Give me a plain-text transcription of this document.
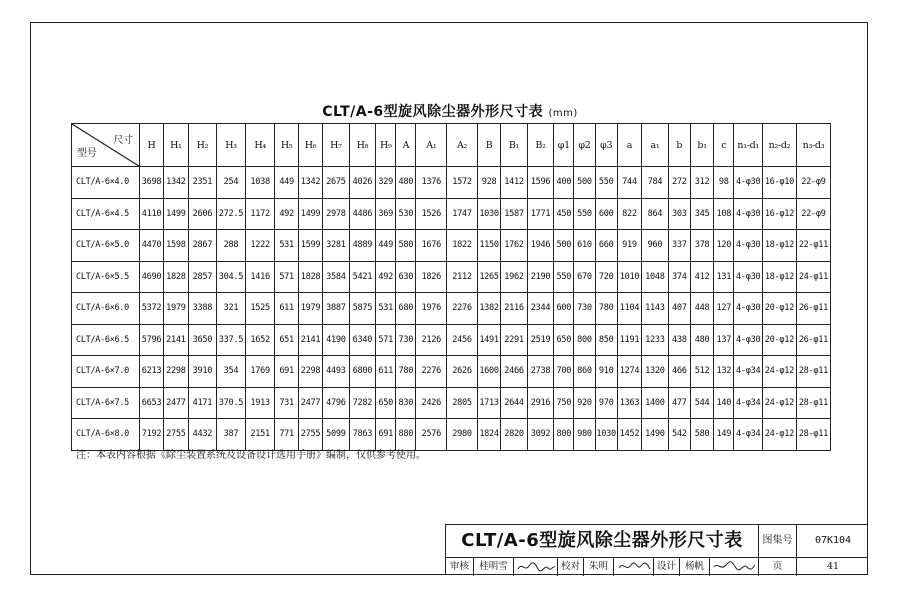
CLT/A-6型旋风除尘器外形尺寸表 (mm)
尺寸
型号	H	H₁	H₂	H₃	H₄	H₅	H₆	H₇	H₈	H₉	A	A₁	A₂	B	B₁	B₂	φ1	φ2	φ3	a	a₁	b	b₁	c	n₁-d₁	n₂-d₂	n₃-d₃
CLT/A-6×4.0	3698	1342	2351	254	1038	449	1342	2675	4026	329	480	1376	1572	928	1412	1596	400	500	550	744	784	272	312	98	4-φ30	16-φ10	22-φ9
CLT/A-6×4.5	4110	1499	2606	272.5	1172	492	1499	2978	4486	369	530	1526	1747	1030	1587	1771	450	550	600	822	864	303	345	108	4-φ30	16-φ12	22-φ9
CLT/A-6×5.0	4470	1598	2867	288	1222	531	1599	3281	4889	449	580	1676	1822	1150	1762	1946	500	610	660	919	960	337	378	120	4-φ30	18-φ12	22-φ11
CLT/A-6×5.5	4690	1828	2857	304.5	1416	571	1828	3584	5421	492	630	1826	2112	1265	1962	2190	550	670	720	1010	1048	374	412	131	4-φ30	18-φ12	24-φ11
CLT/A-6×6.0	5372	1979	3388	321	1525	611	1979	3887	5875	531	680	1976	2276	1382	2116	2344	600	730	780	1104	1143	407	448	127	4-φ30	20-φ12	26-φ11
CLT/A-6×6.5	5796	2141	3650	337.5	1652	651	2141	4190	6340	571	730	2126	2456	1491	2291	2519	650	800	850	1191	1233	438	480	137	4-φ30	20-φ12	26-φ11
CLT/A-6×7.0	6213	2298	3910	354	1769	691	2298	4493	6800	611	780	2276	2626	1600	2466	2738	700	860	910	1274	1320	466	512	132	4-φ34	24-φ12	28-φ11
CLT/A-6×7.5	6653	2477	4171	370.5	1913	731	2477	4796	7282	650	830	2426	2805	1713	2644	2916	750	920	970	1363	1400	477	544	140	4-φ34	24-φ12	28-φ11
CLT/A-6×8.0	7192	2755	4432	387	2151	771	2755	5099	7863	691	880	2576	2980	1824	2820	3092	800	980	1030	1452	1490	542	580	149	4-φ34	24-φ12	28-φ11
注：本表内容根据《除尘装置系统及设备设计选用手册》编制，仅供参考使用。
CLT/A-6型旋风除尘器外形尺寸表	图集号	07K104
审核	桂明雪	校对 朱明	设计 杨帆	页	41
